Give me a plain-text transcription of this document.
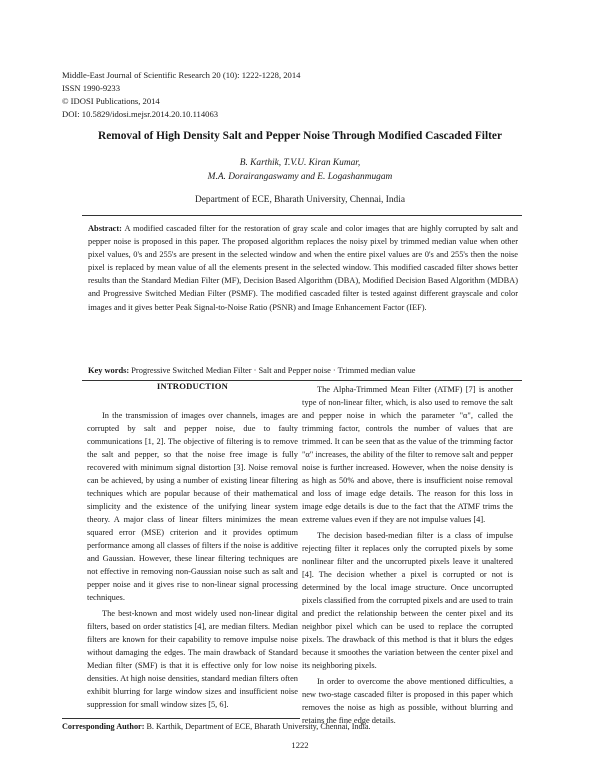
Middle-East Journal of Scientific Research 20 (10): 1222-1228, 2014
ISSN 1990-9233
© IDOSI Publications, 2014
DOI: 10.5829/idosi.mejsr.2014.20.10.114063
Removal of High Density Salt and Pepper Noise Through Modified Cascaded Filter
B. Karthik, T.V.U. Kiran Kumar,
M.A. Dorairangaswamy and E. Logashanmugam
Department of ECE, Bharath University, Chennai, India
Abstract: A modified cascaded filter for the restoration of gray scale and color images that are highly corrupted by salt and pepper noise is proposed in this paper. The proposed algorithm replaces the noisy pixel by trimmed median value when other pixel values, 0's and 255's are present in the selected window and when the entire pixel values are 0's and 255's then the noise pixel is replaced by mean value of all the elements present in the selected window. This modified cascaded filter shows better results than the Standard Median Filter (MF), Decision Based Algorithm (DBA), Modified Decision Based Algorithm (MDBA) and Progressive Switched Median Filter (PSMF). The modified cascaded filter is tested against different grayscale and color images and it gives better Peak Signal-to-Noise Ratio (PSNR) and Image Enhancement Factor (IEF).
Key words: Progressive Switched Median Filter · Salt and Pepper noise · Trimmed median value
INTRODUCTION

In the transmission of images over channels, images are corrupted by salt and pepper noise, due to faulty communications [1, 2]. The objective of filtering is to remove the salt and pepper, so that the noise free image is fully recovered with minimum signal distortion [3]. Noise removal can be achieved, by using a number of existing linear filtering techniques which are popular because of their mathematical simplicity and the existence of the unifying linear system theory. A major class of linear filters minimizes the mean squared error (MSE) criterion and it provides optimum performance among all classes of filters if the noise is additive and Gaussian. However, these linear filtering techniques are not effective in removing non-Gaussian noise such as salt and pepper noise and it gives rise to non-linear signal processing techniques.

The best-known and most widely used non-linear digital filters, based on order statistics [4], are median filters. Median filters are known for their capability to remove impulse noise without damaging the edges. The main drawback of Standard Median filter (SMF) is that it is effective only for low noise densities. At high noise densities, standard median filters often exhibit blurring for large window sizes and insufficient noise suppression for small window sizes [5, 6].

The Alpha-Trimmed Mean Filter (ATMF) [7] is another type of non-linear filter, which, is also used to remove the salt and pepper noise in which the parameter "α", called the trimming factor, controls the number of values that are trimmed. It can be seen that as the value of the trimming factor "α" increases, the ability of the filter to remove salt and pepper noise is further increased. However, when the noise density is as high as 50% and above, there is insufficient noise removal and loss of image edge details. The reason for this loss in image edge details is due to the fact that the ATMF trims the extreme values even if they are not impulse values [4].

The decision based-median filter is a class of impulse rejecting filter it replaces only the corrupted pixels by some nonlinear filter and the uncorrupted pixels leave it unaltered [4]. The decision whether a pixel is corrupted or not is determined by the local image structure. Once uncorrupted pixels classified from the corrupted pixels and are used to train and predict the relationship between the center pixel and its neighbor pixel which can be used to replace the corrupted pixels. The drawback of this method is that it blurs the edges because it smoothes the variation between the center pixel and its neighboring pixels.

In order to overcome the above mentioned difficulties, a new two-stage cascaded filter is proposed in this paper which removes the noise as high as possible, without blurring and retains the fine edge details.

Corresponding Author: B. Karthik, Department of ECE, Bharath University, Chennai, India.
1222
